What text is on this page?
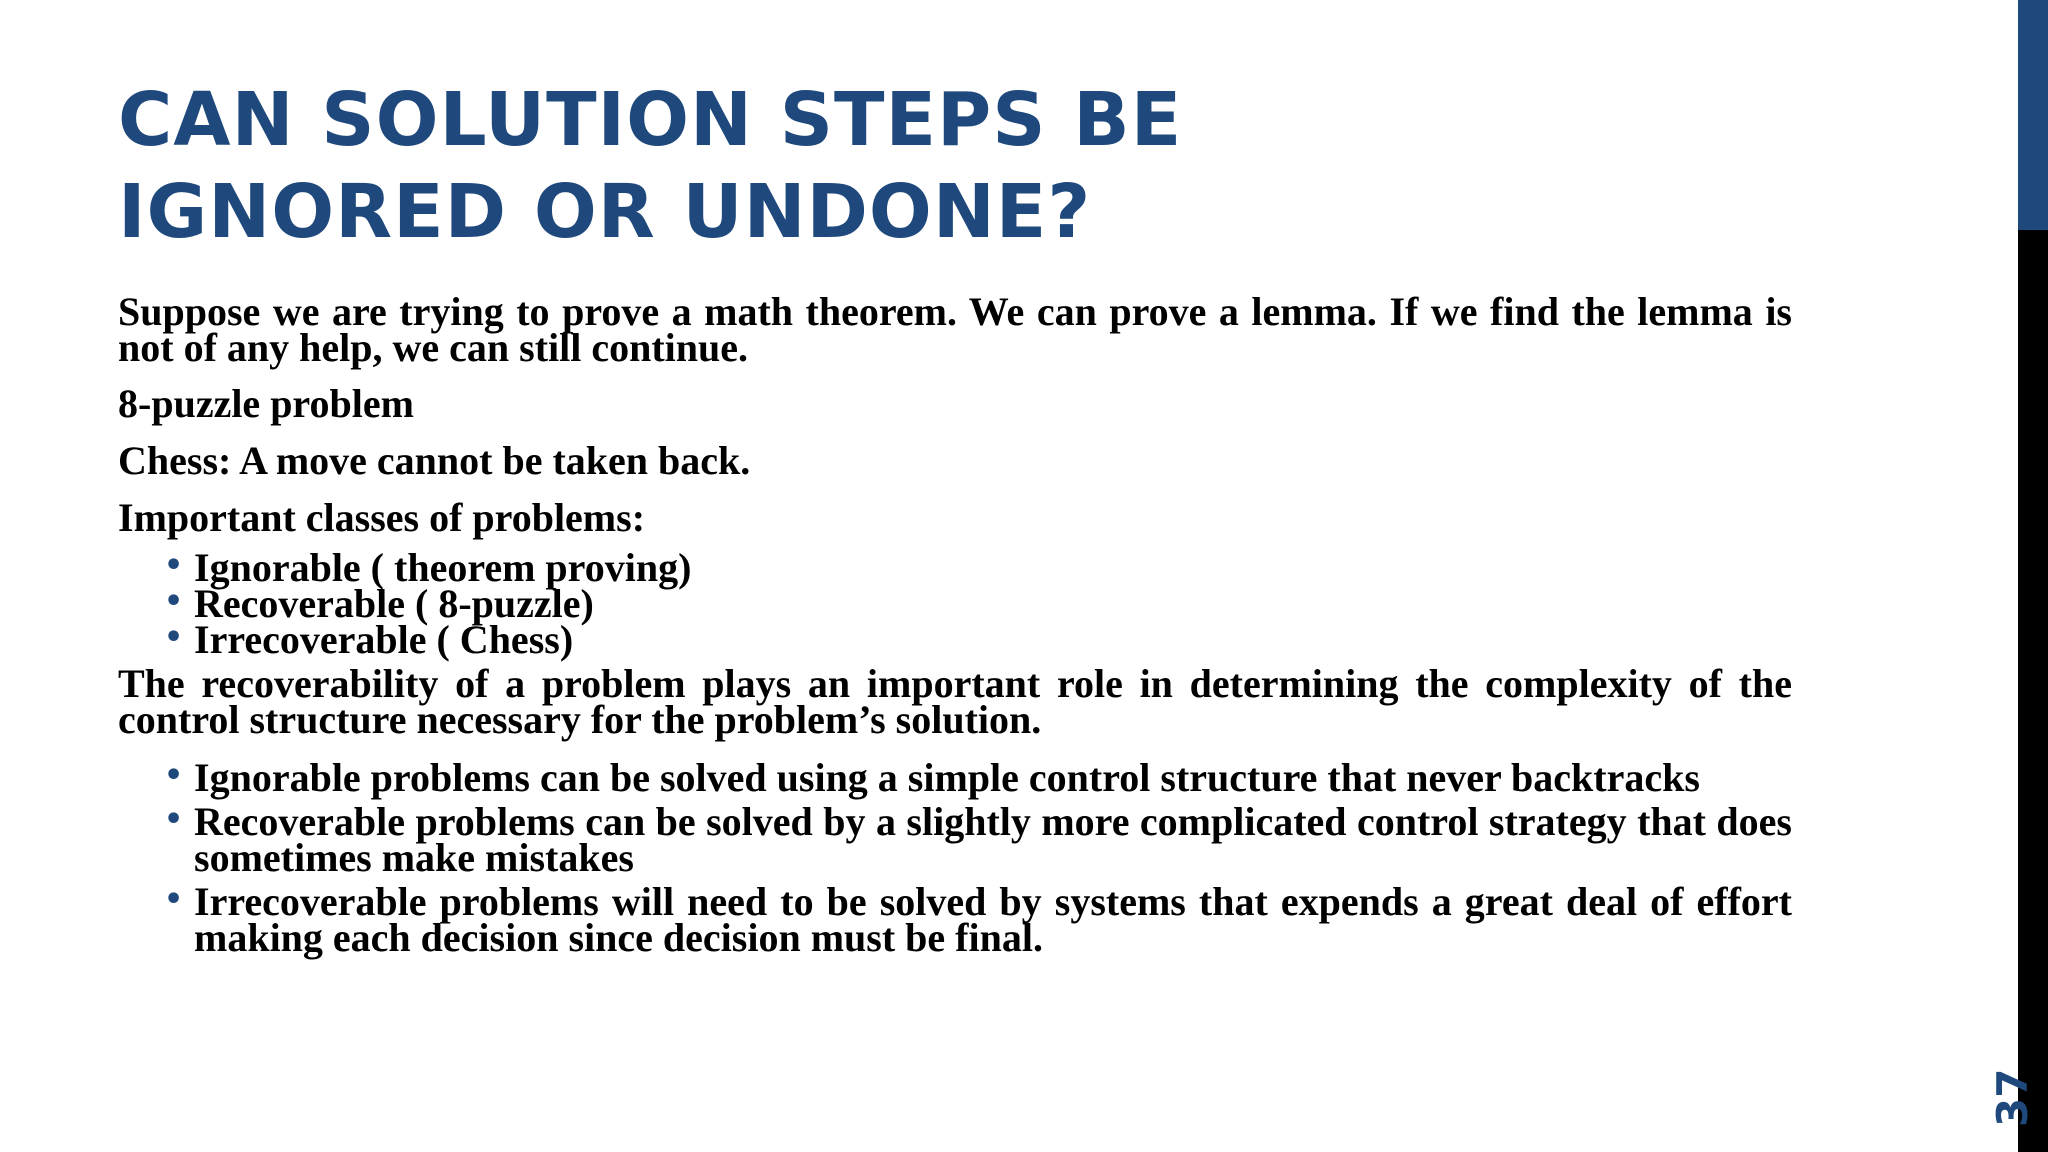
CAN SOLUTION STEPS BE
IGNORED OR UNDONE?

Suppose we are trying to prove a math theorem. We can prove a lemma. If we find the lemma is not of any help, we can still continue.

8-puzzle problem

Chess: A move cannot be taken back.

Important classes of problems:

• Ignorable ( theorem proving)
• Recoverable ( 8-puzzle)
• Irrecoverable ( Chess)

The recoverability of a problem plays an important role in determining the complexity of the control structure necessary for the problem’s solution.

• Ignorable problems can be solved using a simple control structure that never backtracks
• Recoverable problems can be solved by a slightly more complicated control strategy that does sometimes make mistakes
• Irrecoverable problems will need to be solved by systems that expends a great deal of effort making each decision since decision must be final.
37
